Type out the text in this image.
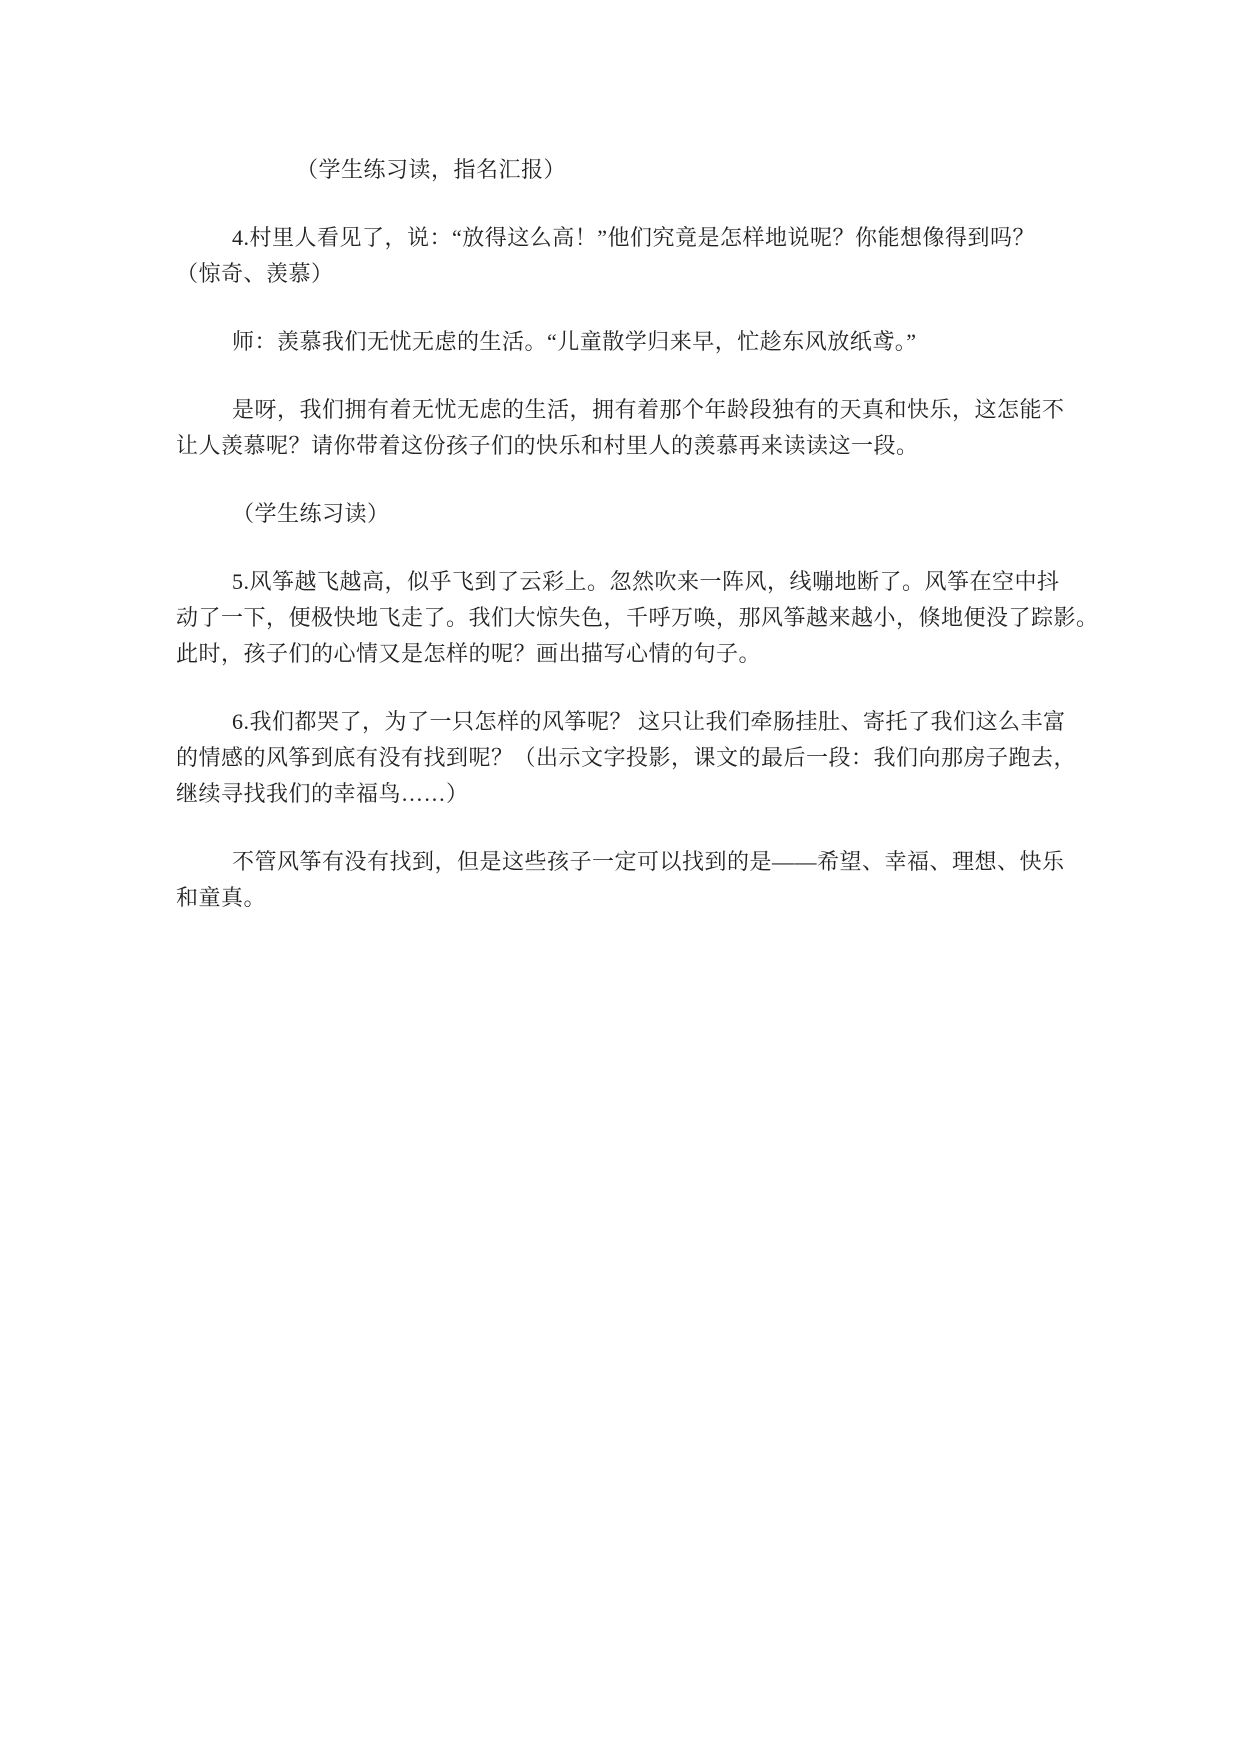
（学生练习读，指名汇报）

4.村里人看见了，说：“放得这么高！”他们究竟是怎样地说呢？你能想像得到吗？
（惊奇、羡慕）

师：羡慕我们无忧无虑的生活。“儿童散学归来早，忙趁东风放纸鸢。”

是呀，我们拥有着无忧无虑的生活，拥有着那个年龄段独有的天真和快乐，这怎能不
让人羡慕呢？请你带着这份孩子们的快乐和村里人的羡慕再来读读这一段。

（学生练习读）

5.风筝越飞越高，似乎飞到了云彩上。忽然吹来一阵风，线嘣地断了。风筝在空中抖
动了一下，便极快地飞走了。我们大惊失色，千呼万唤，那风筝越来越小，倏地便没了踪影。
此时，孩子们的心情又是怎样的呢？画出描写心情的句子。

6.我们都哭了，为了一只怎样的风筝呢？ 这只让我们牵肠挂肚、寄托了我们这么丰富
的情感的风筝到底有没有找到呢？（出示文字投影，课文的最后一段：我们向那房子跑去，
继续寻找我们的幸福鸟……）

不管风筝有没有找到，但是这些孩子一定可以找到的是——希望、幸福、理想、快乐
和童真。
